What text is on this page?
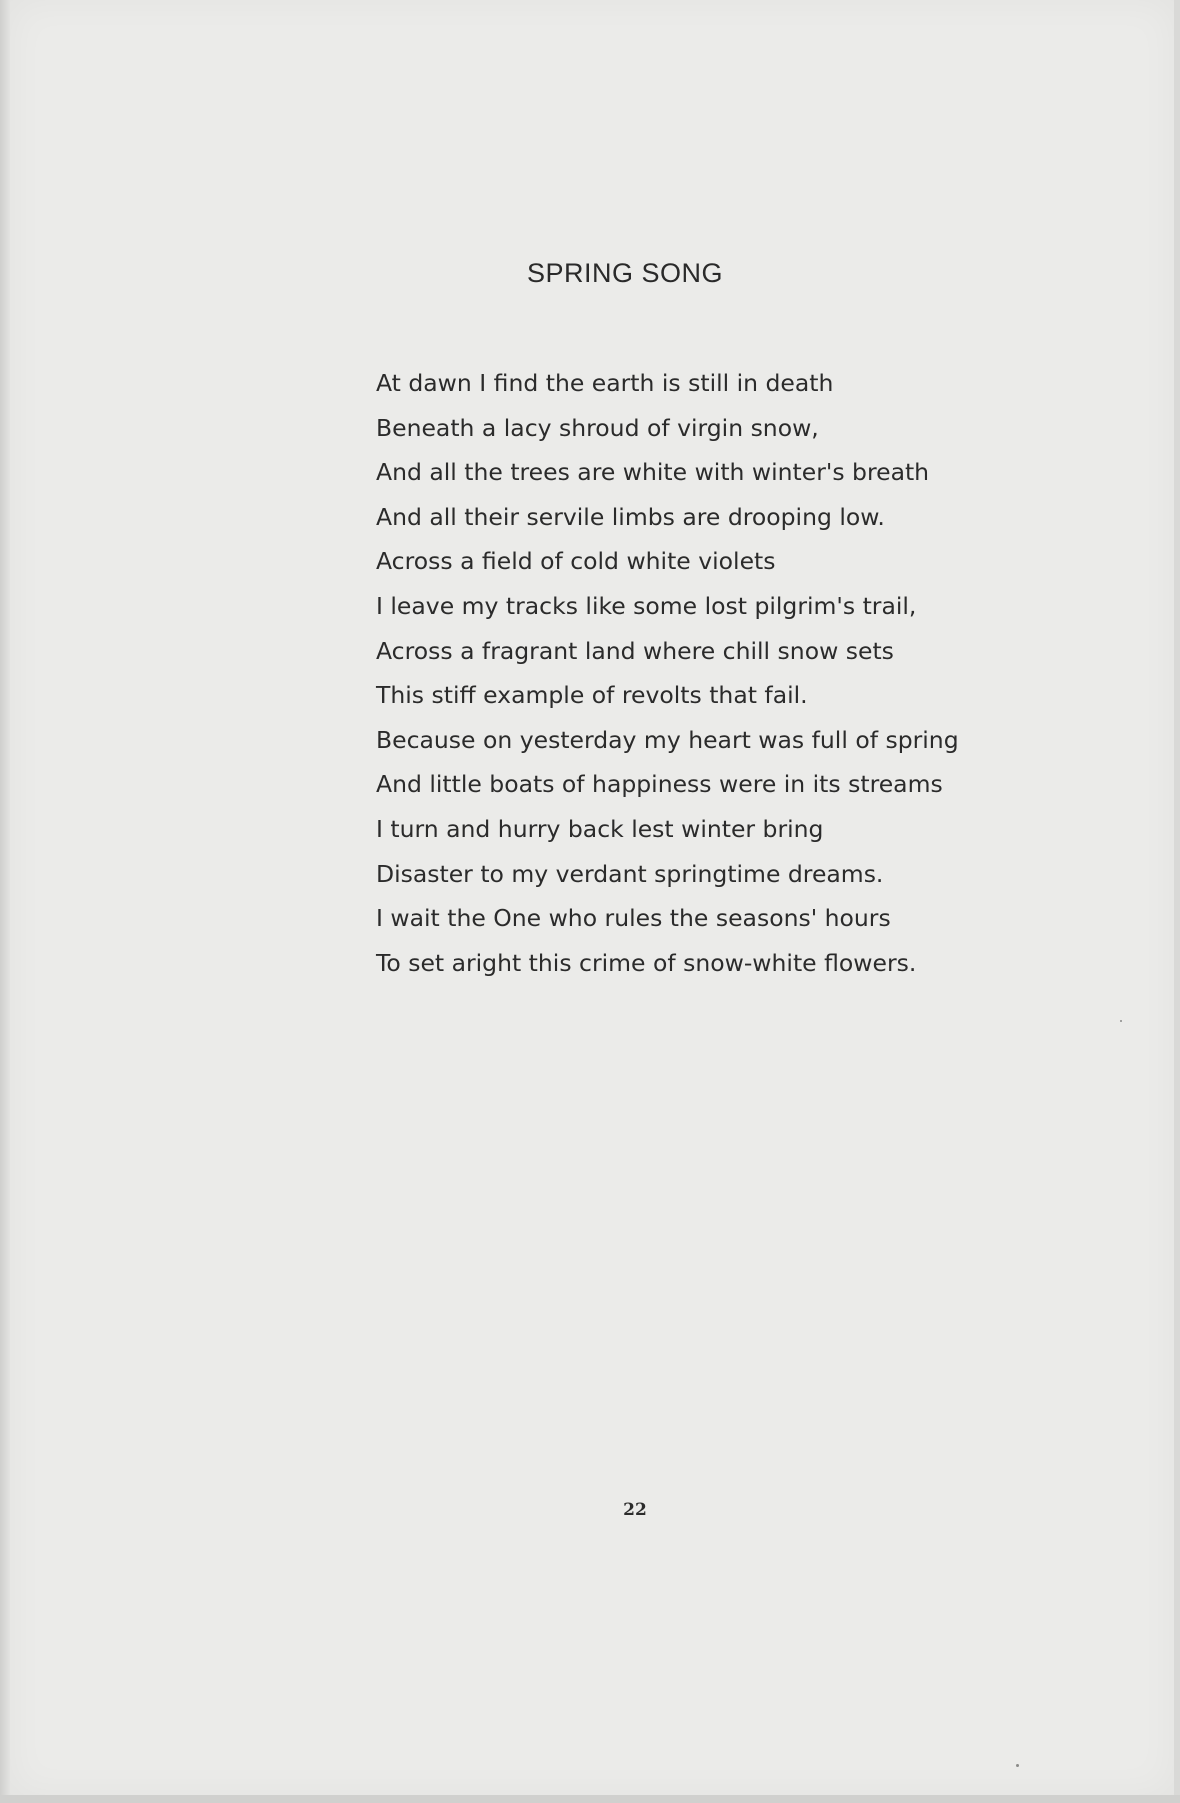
SPRING SONG
At dawn I find the earth is still in death
Beneath a lacy shroud of virgin snow,
And all the trees are white with winter's breath
And all their servile limbs are drooping low.
Across a field of cold white violets
I leave my tracks like some lost pilgrim's trail,
Across a fragrant land where chill snow sets
This stiff example of revolts that fail.
Because on yesterday my heart was full of spring
And little boats of happiness were in its streams
I turn and hurry back lest winter bring
Disaster to my verdant springtime dreams.
I wait the One who rules the seasons' hours
To set aright this crime of snow-white flowers.
22
